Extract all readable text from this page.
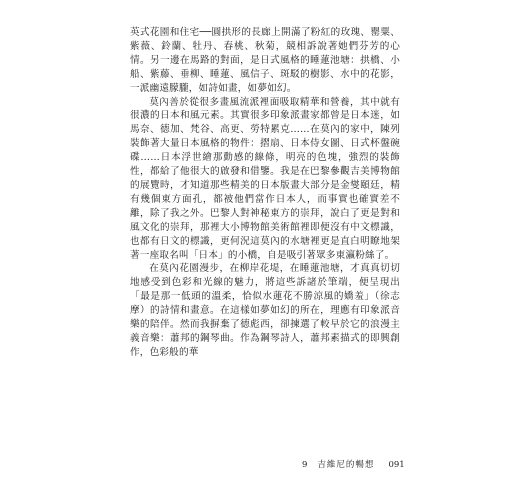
英式花園和住宅──圓拱形的長廊上開滿了粉紅的玫瑰、罌粟、紫薇、鈴蘭、牡丹、春桃、秋菊，競相訴說著她們芬芳的心情。另一邊在馬路的對面，是日式風格的睡蓮池塘：拱橋、小船、紫藤、垂柳、睡蓮、風信子、斑駁的樹影、水中的花影，一派幽遠朦朧，如詩如畫，如夢如幻。

莫內善於從很多畫風流派裡面吸取精華和營養，其中就有很濃的日本和風元素。其實很多印象派畫家都曾是日本迷，如馬奈、德加、梵谷、高更、勞特累克……在莫內的家中，陳列裝飾著大量日本風格的物件：摺扇、日本侍女圖、日式杯盤碗碟……日本浮世繪那動感的線條，明亮的色塊，強烈的裝飾性，都給了他很大的啟發和借鑒。我是在巴黎參觀吉美博物館的展覽時，才知道那些精美的日本版畫大部分是金燮頤廷，精有幾個東方面孔，都被他們當作日本人，而事實也確實差不離，除了我之外。巴黎人對神秘東方的崇拜，說白了更是對和風文化的崇拜，那裡大小博物館美術館裡即便沒有中文標識，也都有日文的標識，更何況這莫內的水塘裡更是直白明瞭地架著一座取名叫「日本」的小橋，自是吸引著眾多東瀛粉絲了。

在莫內花園漫步，在柳岸花堤，在睡蓮池塘，才真真切切地感受到色彩和光線的魅力，將這些訴諸於筆端，便呈現出「最是那一低頭的溫柔，恰似水蓮花不勝涼風的嬌羞」（徐志摩）的詩情和畫意。在這樣如夢如幻的所在，理應有印象派音樂的陪伴。然而我摒棄了德彪西，卻揀選了較早於它的浪漫主義音樂：蕭邦的鋼琴曲。作為鋼琴詩人，蕭邦素描式的即興創作，色彩般的華

9 吉維尼的暢想 091
